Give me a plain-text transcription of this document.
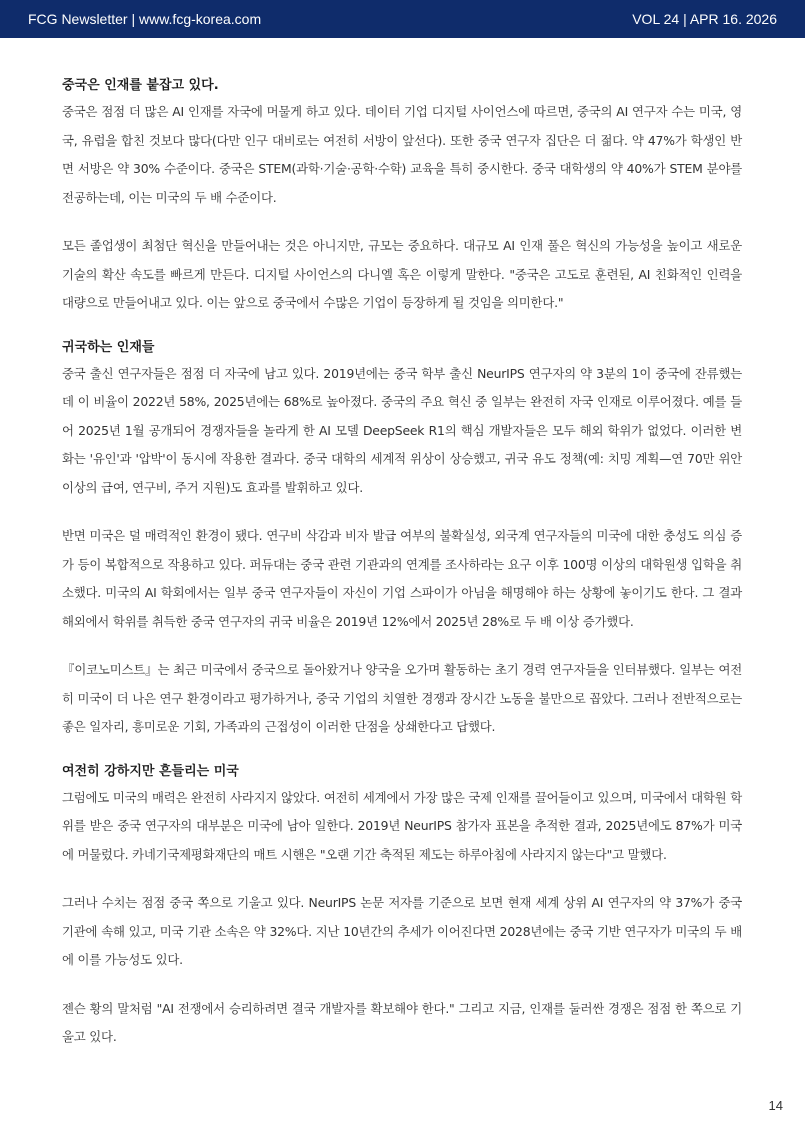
FCG Newsletter | www.fcg-korea.com	VOL 24 | APR 16. 2026
중국은 인재를 붙잡고 있다.

중국은 점점 더 많은 AI 인재를 자국에 머물게 하고 있다. 데이터 기업 디지털 사이언스에 따르면, 중국의 AI 연구자 수는 미국, 영국, 유럽을 합친 것보다 많다(다만 인구 대비로는 여전히 서방이 앞선다). 또한 중국 연구자 집단은 더 젊다. 약 47%가 학생인 반면 서방은 약 30% 수준이다. 중국은 STEM(과학·기술·공학·수학) 교육을 특히 중시한다. 중국 대학생의 약 40%가 STEM 분야를 전공하는데, 이는 미국의 두 배 수준이다.

모든 졸업생이 최첨단 혁신을 만들어내는 것은 아니지만, 규모는 중요하다. 대규모 AI 인재 풀은 혁신의 가능성을 높이고 새로운 기술의 확산 속도를 빠르게 만든다. 디지털 사이언스의 다니엘 혹은 이렇게 말한다. "중국은 고도로 훈련된, AI 친화적인 인력을 대량으로 만들어내고 있다. 이는 앞으로 중국에서 수많은 기업이 등장하게 될 것임을 의미한다."

귀국하는 인재들

중국 출신 연구자들은 점점 더 자국에 남고 있다. 2019년에는 중국 학부 출신 NeurIPS 연구자의 약 3분의 1이 중국에 잔류했는데 이 비율이 2022년 58%, 2025년에는 68%로 높아졌다. 중국의 주요 혁신 중 일부는 완전히 자국 인재로 이루어졌다. 예를 들어 2025년 1월 공개되어 경쟁자들을 놀라게 한 AI 모델 DeepSeek R1의 핵심 개발자들은 모두 해외 학위가 없었다. 이러한 변화는 '유인'과 '압박'이 동시에 작용한 결과다. 중국 대학의 세계적 위상이 상승했고, 귀국 유도 정책(예: 치밍 계획—연 70만 위안 이상의 급여, 연구비, 주거 지원)도 효과를 발휘하고 있다.

반면 미국은 덜 매력적인 환경이 됐다. 연구비 삭감과 비자 발급 여부의 불확실성, 외국계 연구자들의 미국에 대한 충성도 의심 증가 등이 복합적으로 작용하고 있다. 퍼듀대는 중국 관련 기관과의 연계를 조사하라는 요구 이후 100명 이상의 대학원생 입학을 취소했다. 미국의 AI 학회에서는 일부 중국 연구자들이 자신이 기업 스파이가 아님을 해명해야 하는 상황에 놓이기도 한다. 그 결과 해외에서 학위를 취득한 중국 연구자의 귀국 비율은 2019년 12%에서 2025년 28%로 두 배 이상 증가했다.

『이코노미스트』는 최근 미국에서 중국으로 돌아왔거나 양국을 오가며 활동하는 초기 경력 연구자들을 인터뷰했다. 일부는 여전히 미국이 더 나은 연구 환경이라고 평가하거나, 중국 기업의 치열한 경쟁과 장시간 노동을 불만으로 꼽았다. 그러나 전반적으로는 좋은 일자리, 흥미로운 기회, 가족과의 근접성이 이러한 단점을 상쇄한다고 답했다.

여전히 강하지만 흔들리는 미국

그럼에도 미국의 매력은 완전히 사라지지 않았다. 여전히 세계에서 가장 많은 국제 인재를 끌어들이고 있으며, 미국에서 대학원 학위를 받은 중국 연구자의 대부분은 미국에 남아 일한다. 2019년 NeurIPS 참가자 표본을 추적한 결과, 2025년에도 87%가 미국에 머물렀다. 카네기국제평화재단의 매트 시핸은 "오랜 기간 축적된 제도는 하루아침에 사라지지 않는다"고 말했다.

그러나 수치는 점점 중국 쪽으로 기울고 있다. NeurIPS 논문 저자를 기준으로 보면 현재 세계 상위 AI 연구자의 약 37%가 중국 기관에 속해 있고, 미국 기관 소속은 약 32%다. 지난 10년간의 추세가 이어진다면 2028년에는 중국 기반 연구자가 미국의 두 배에 이를 가능성도 있다.

젠슨 황의 말처럼 "AI 전쟁에서 승리하려면 결국 개발자를 확보해야 한다." 그리고 지금, 인재를 둘러싼 경쟁은 점점 한 쪽으로 기울고 있다.

14
